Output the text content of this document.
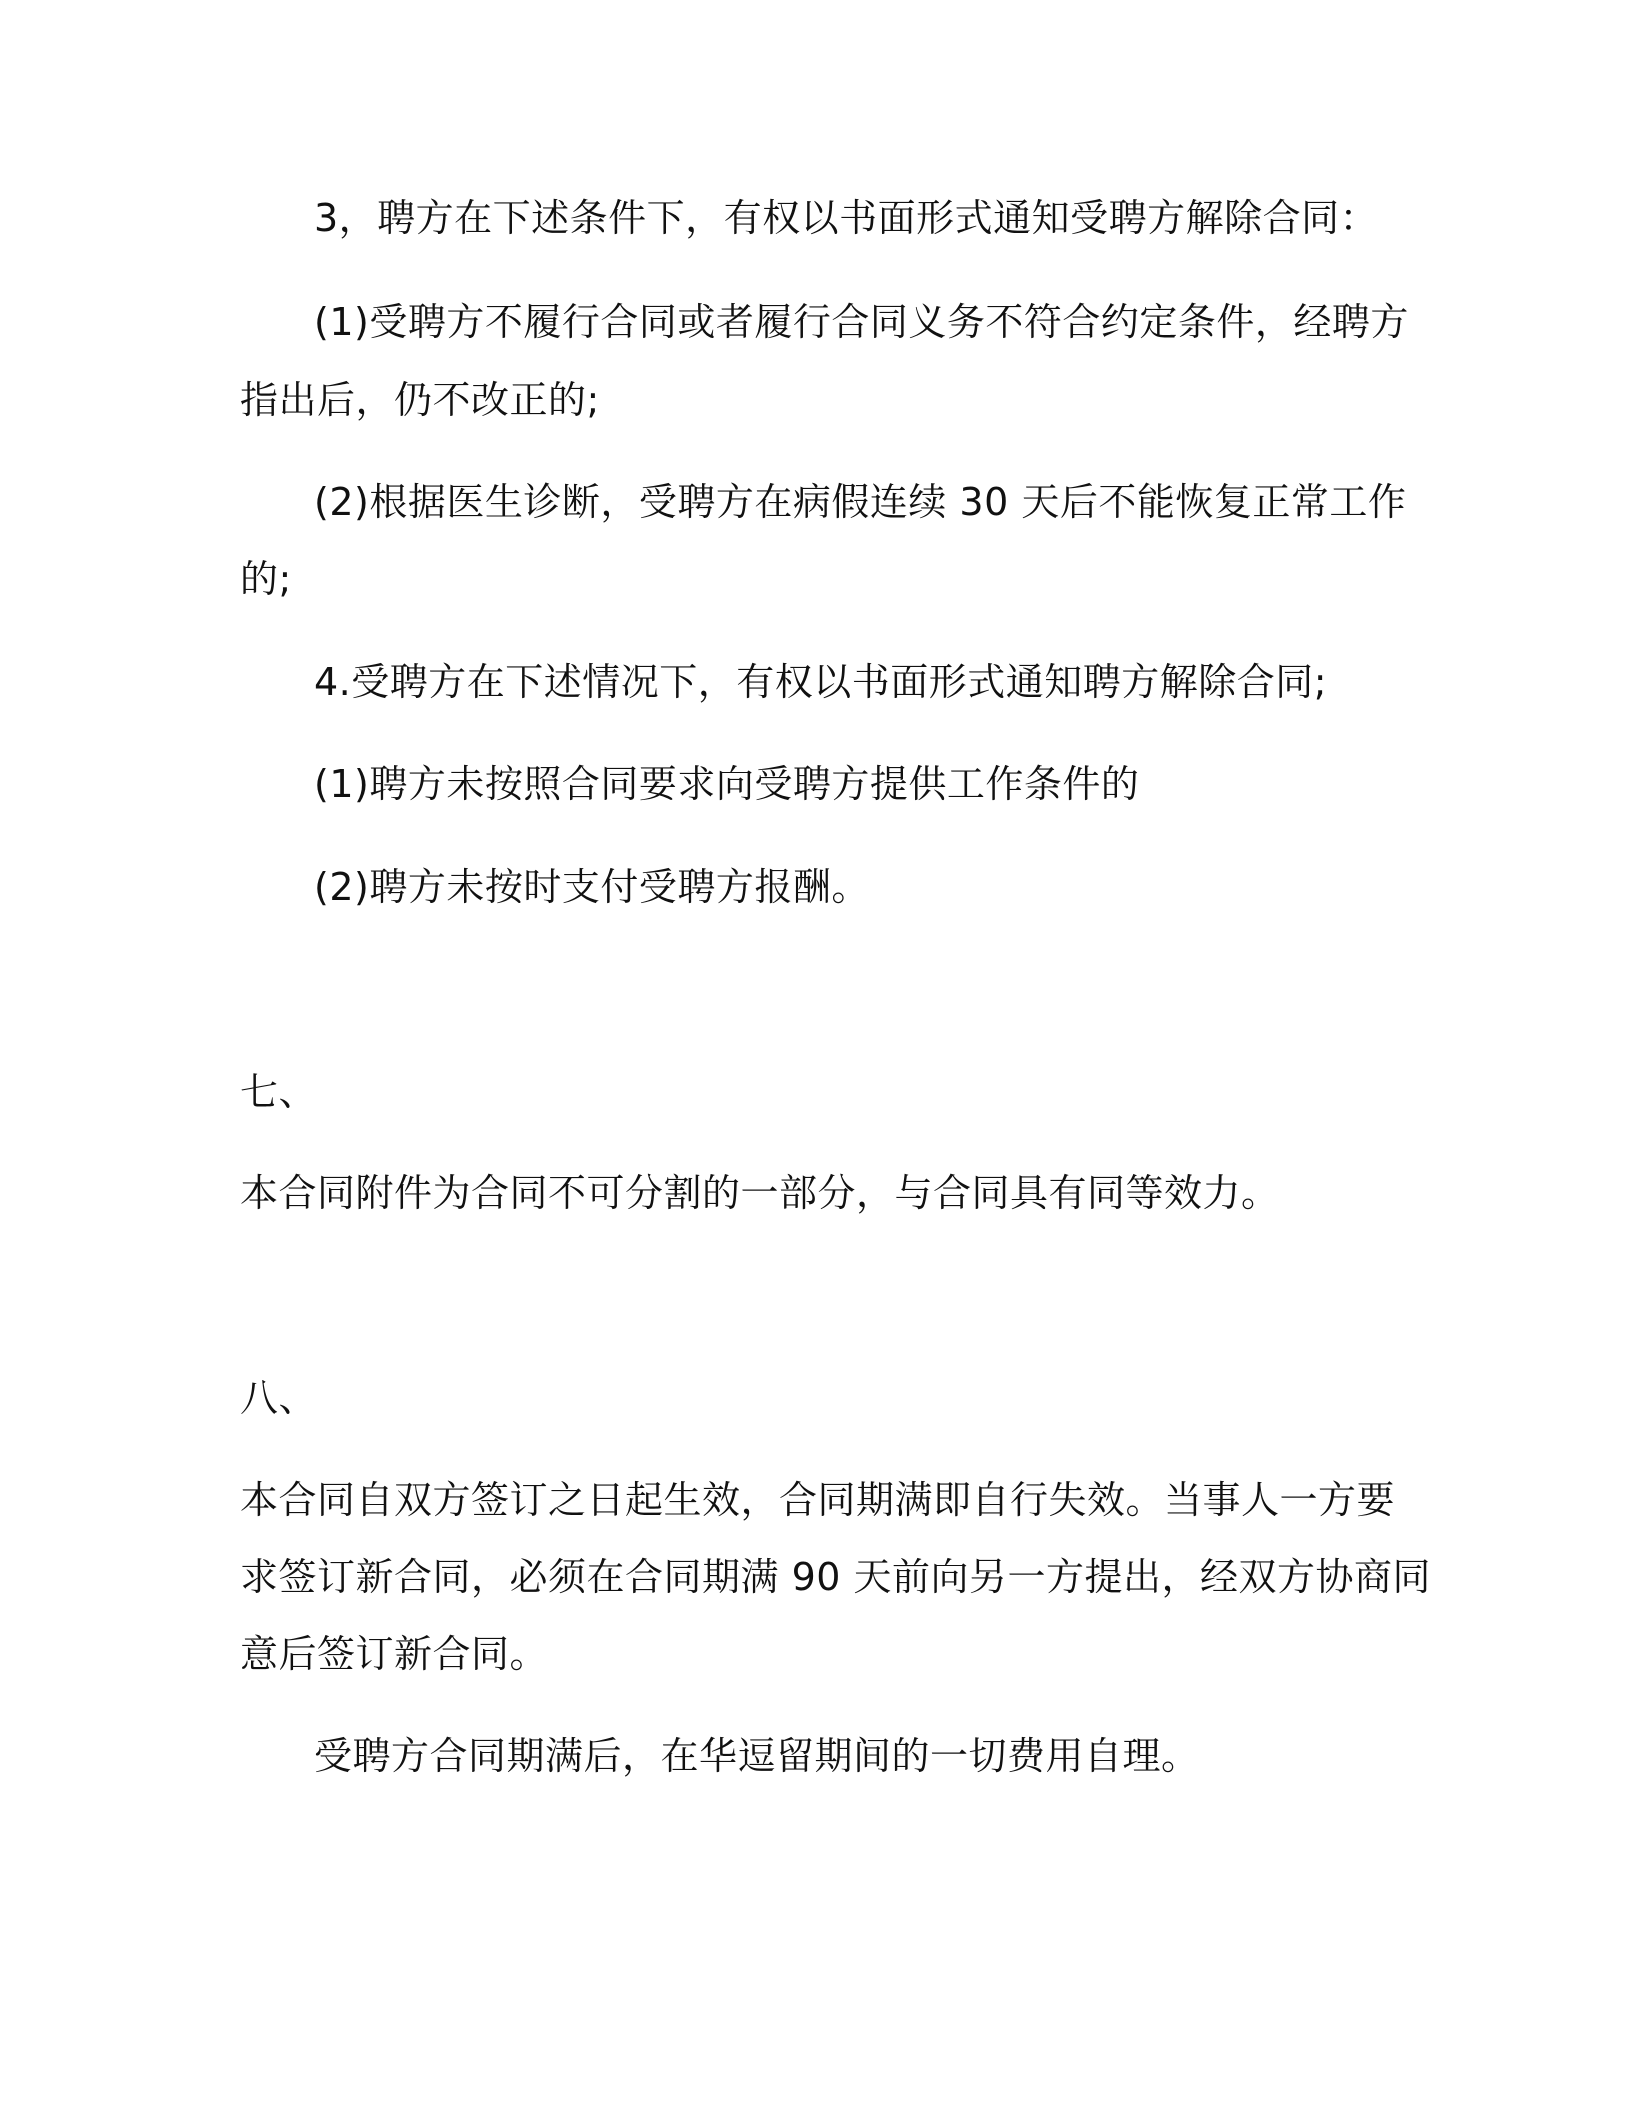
3，聘方在下述条件下，有权以书面形式通知受聘方解除合同：
(1)受聘方不履行合同或者履行合同义务不符合约定条件，经聘方
指出后，仍不改正的;
(2)根据医生诊断，受聘方在病假连续 30 天后不能恢复正常工作
的;
4.受聘方在下述情况下，有权以书面形式通知聘方解除合同;
(1)聘方未按照合同要求向受聘方提供工作条件的
(2)聘方未按时支付受聘方报酬。
七、
本合同附件为合同不可分割的一部分，与合同具有同等效力。
八、
本合同自双方签订之日起生效，合同期满即自行失效。当事人一方要
求签订新合同，必须在合同期满 90 天前向另一方提出，经双方协商同
意后签订新合同。
受聘方合同期满后，在华逗留期间的一切费用自理。
